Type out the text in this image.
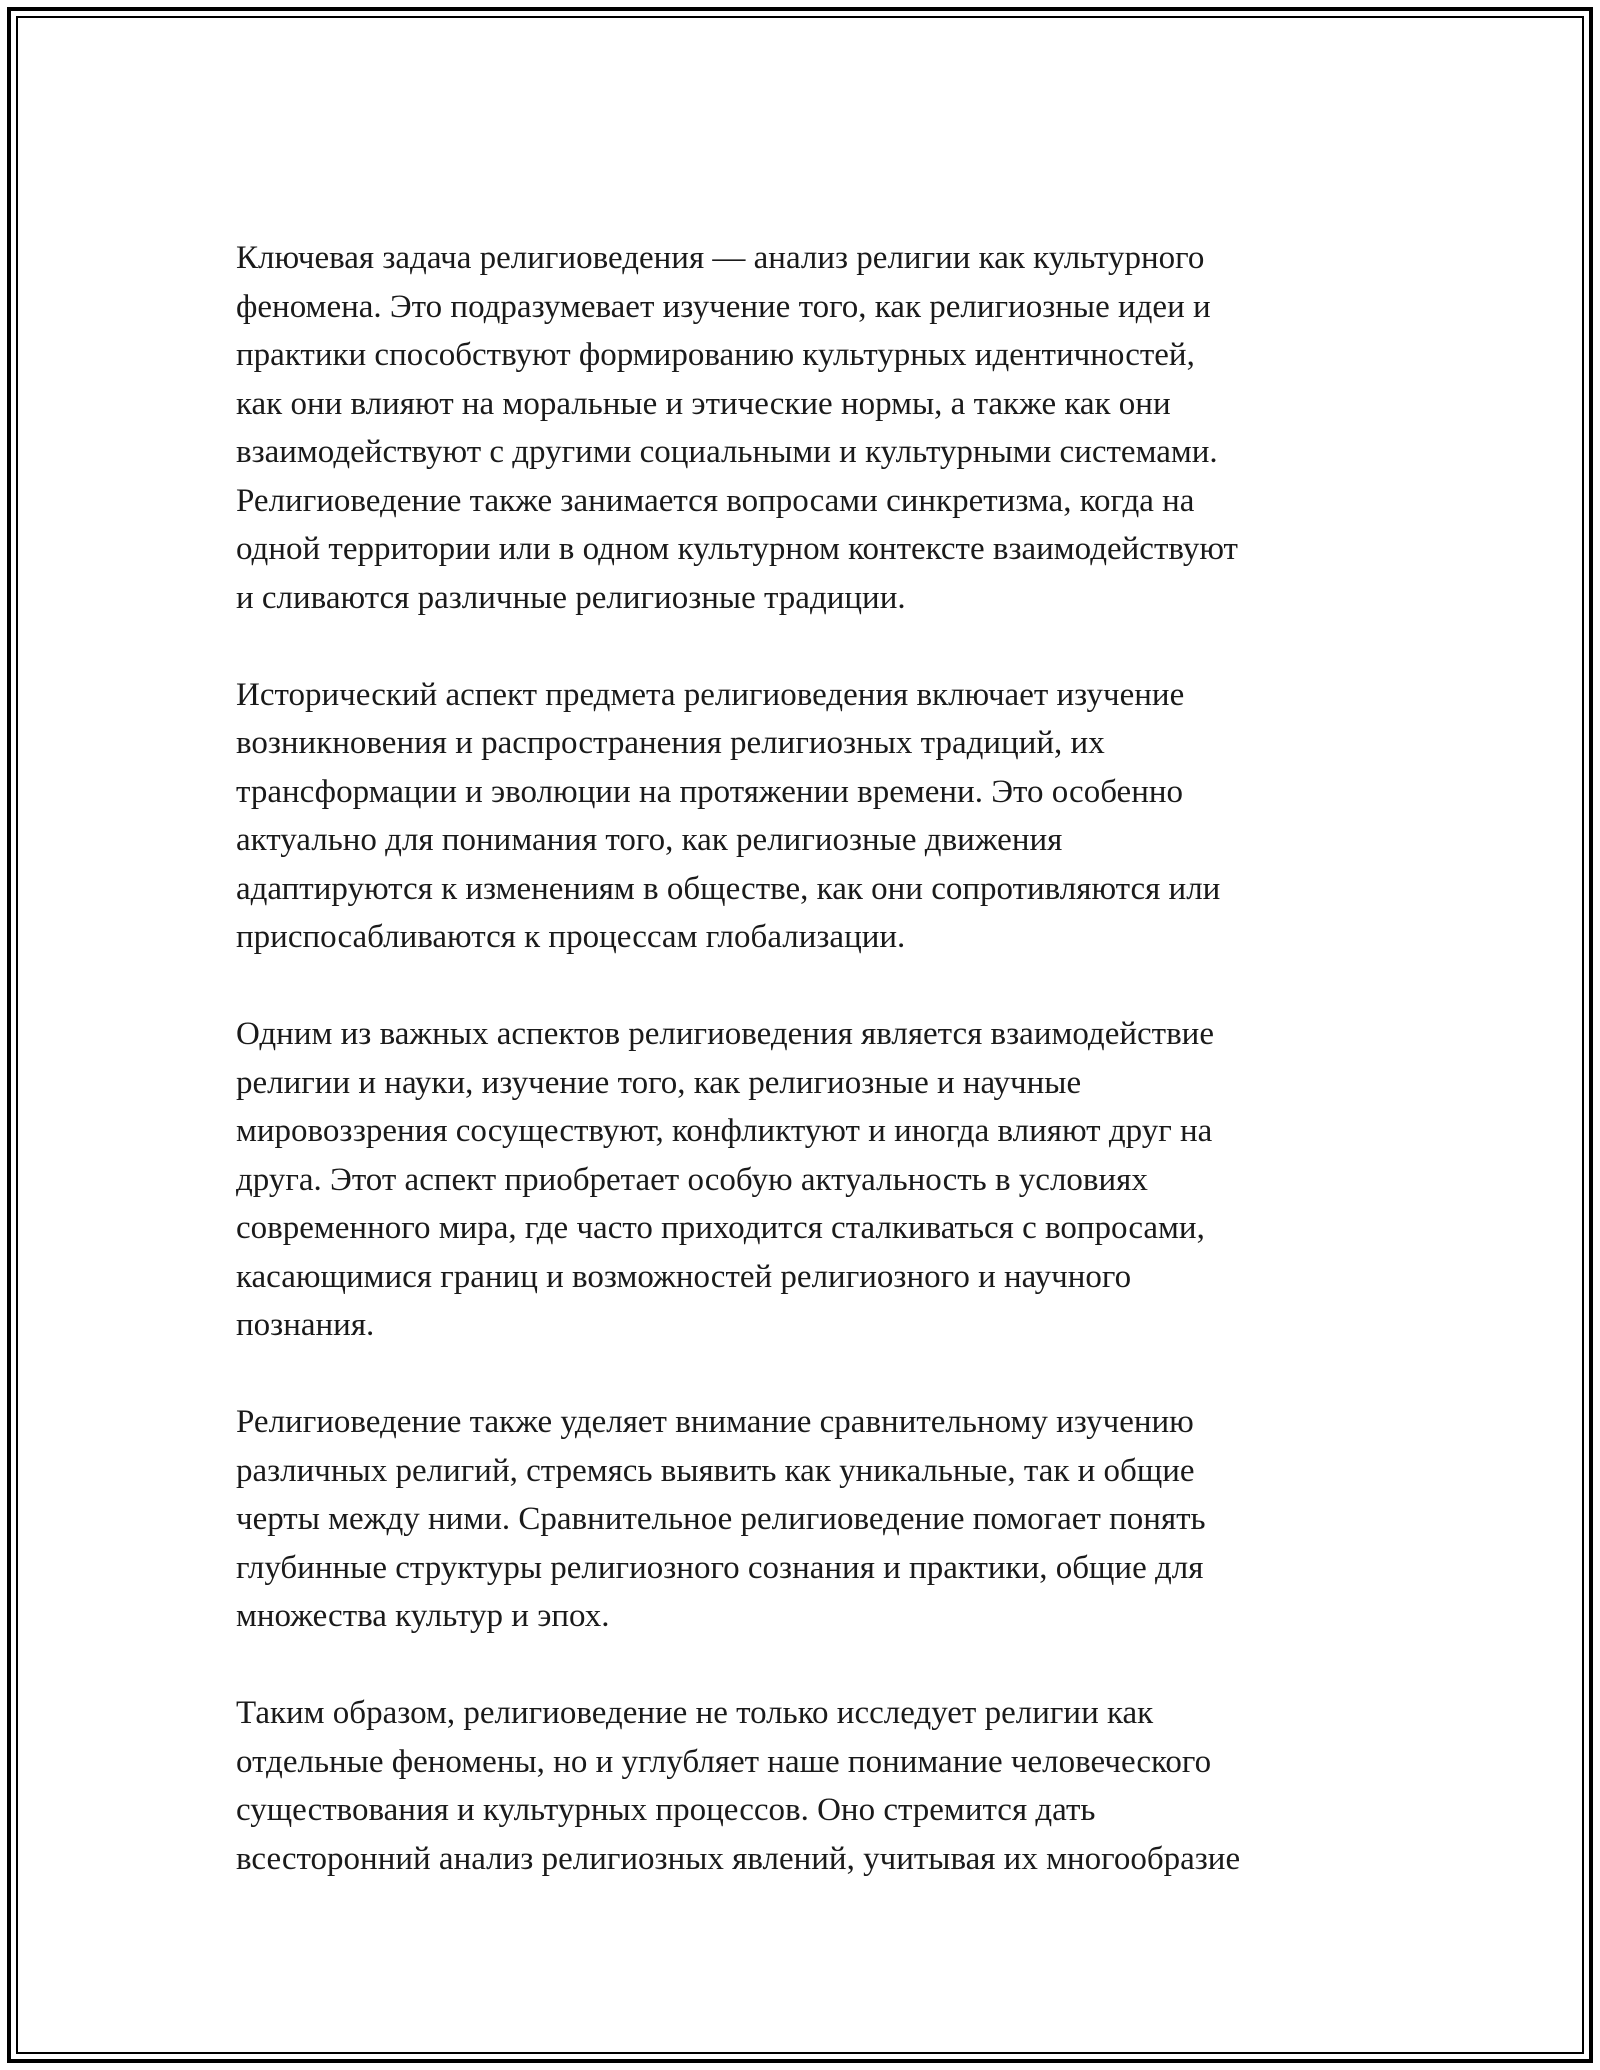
Ключевая задача религиоведения — анализ религии как культурного
феномена. Это подразумевает изучение того, как религиозные идеи и
практики способствуют формированию культурных идентичностей,
как они влияют на моральные и этические нормы, а также как они
взаимодействуют с другими социальными и культурными системами.
Религиоведение также занимается вопросами синкретизма, когда на
одной территории или в одном культурном контексте взаимодействуют
и сливаются различные религиозные традиции.

Исторический аспект предмета религиоведения включает изучение
возникновения и распространения религиозных традиций, их
трансформации и эволюции на протяжении времени. Это особенно
актуально для понимания того, как религиозные движения
адаптируются к изменениям в обществе, как они сопротивляются или
приспосабливаются к процессам глобализации.

Одним из важных аспектов религиоведения является взаимодействие
религии и науки, изучение того, как религиозные и научные
мировоззрения сосуществуют, конфликтуют и иногда влияют друг на
друга. Этот аспект приобретает особую актуальность в условиях
современного мира, где часто приходится сталкиваться с вопросами,
касающимися границ и возможностей религиозного и научного
познания.

Религиоведение также уделяет внимание сравнительному изучению
различных религий, стремясь выявить как уникальные, так и общие
черты между ними. Сравнительное религиоведение помогает понять
глубинные структуры религиозного сознания и практики, общие для
множества культур и эпох.

Таким образом, религиоведение не только исследует религии как
отдельные феномены, но и углубляет наше понимание человеческого
существования и культурных процессов. Оно стремится дать
всесторонний анализ религиозных явлений, учитывая их многообразие
